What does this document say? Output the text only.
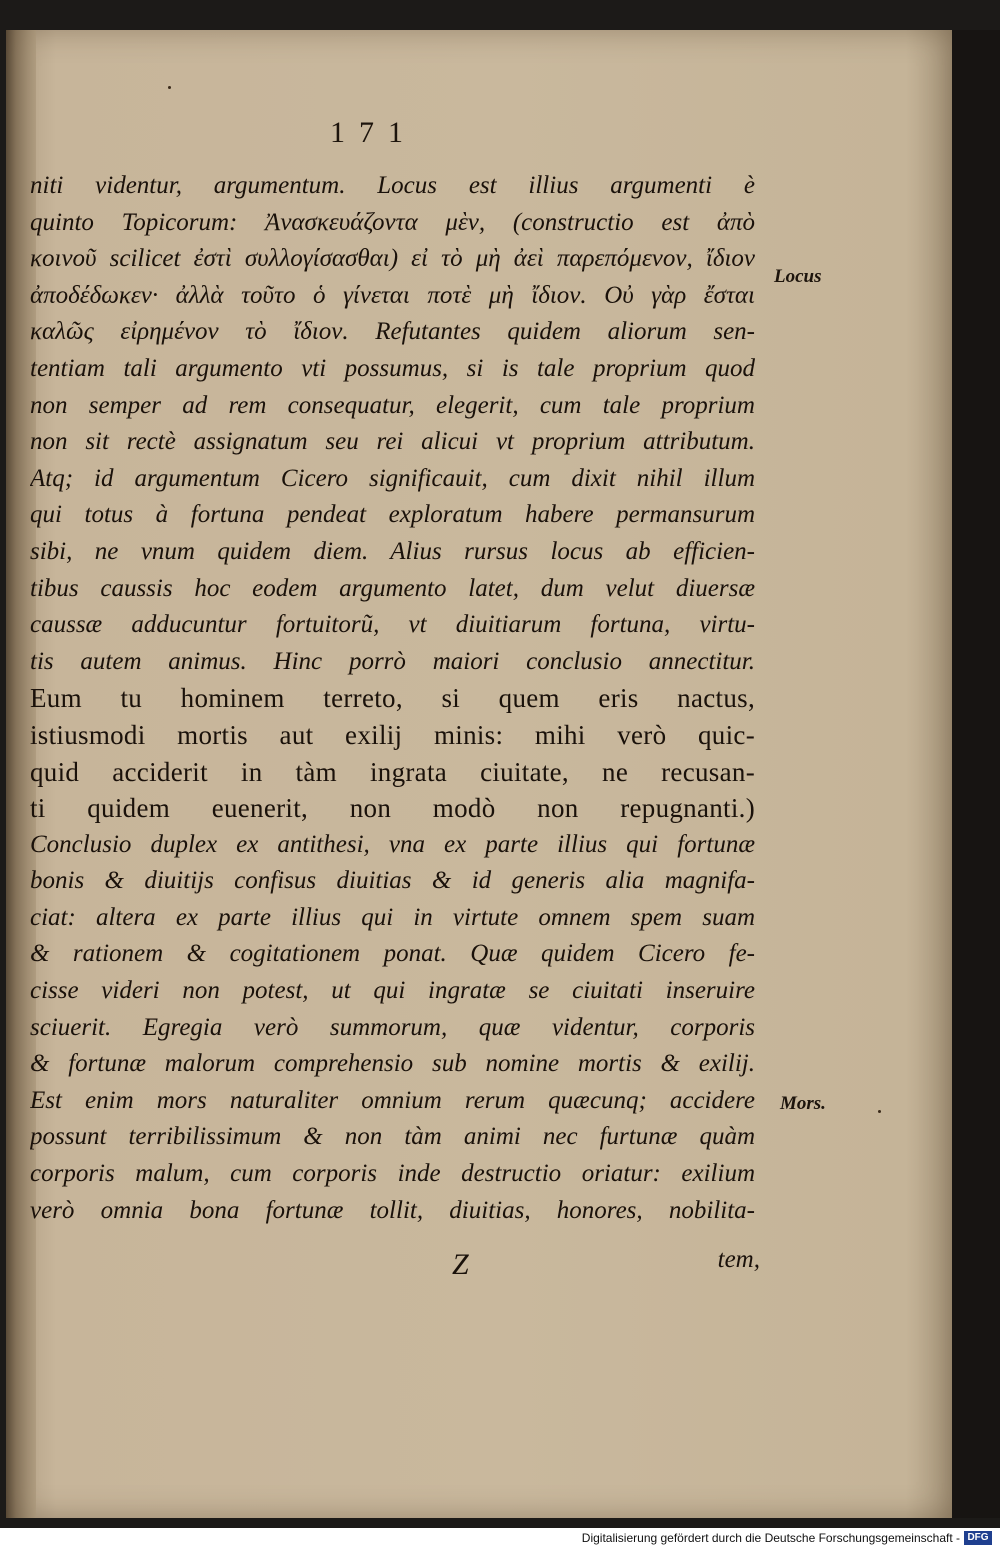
171
niti videntur, argumentum. Locus est illius argumenti è
quinto Topicorum: Ἀνασκευάζοντα μὲν, (constructio est ἀπὸ
κοινοῦ scilicet ἐστὶ συλλογίσασθαι) εἰ τὸ μὴ ἀεὶ παρεπόμενον, ἴδιον
ἀποδέδωκεν· ἀλλὰ τοῦτο ὁ γίνεται ποτὲ μὴ ἴδιον. Οὐ γὰρ ἔσται
καλῶς εἰρημένον τὸ ἴδιον. Refutantes quidem aliorum sen-
tentiam tali argumento vti possumus, si is tale proprium quod
non semper ad rem consequatur, elegerit, cum tale proprium
non sit rectè assignatum seu rei alicui vt proprium attributum.
Atq; id argumentum Cicero significauit, cum dixit nihil illum
qui totus à fortuna pendeat exploratum habere permansurum
sibi, ne vnum quidem diem. Alius rursus locus ab efficien-
tibus caussis hoc eodem argumento latet, dum velut diuersæ
caussæ adducuntur fortuitorũ, vt diuitiarum fortuna, virtu-
tis autem animus. Hinc porrò maiori conclusio annectitur.
Eum tu hominem terreto, si quem eris nactus,
istiusmodi mortis aut exilij minis: mihi verò quic-
quid acciderit in tàm ingrata ciuitate, ne recusan-
ti quidem euenerit, non modò non repugnanti.)
Conclusio duplex ex antithesi, vna ex parte illius qui fortunæ
bonis & diuitijs confisus diuitias & id generis alia magnifa-
ciat: altera ex parte illius qui in virtute omnem spem suam
& rationem & cogitationem ponat. Quæ quidem Cicero fe-
cisse videri non potest, ut qui ingratæ se ciuitati inseruire
sciuerit. Egregia verò summorum, quæ videntur, corporis
& fortunæ malorum comprehensio sub nomine mortis & exilij.
Est enim mors naturaliter omnium rerum quæcunq; accidere
possunt terribilissimum & non tàm animi nec furtunæ quàm
corporis malum, cum corporis inde destructio oriatur: exilium
verò omnia bona fortunæ tollit, diuitias, honores, nobilita-
Locus
Mors.
Z	tem,
Digitalisierung gefördert durch die Deutsche Forschungsgemeinschaft - DFG
